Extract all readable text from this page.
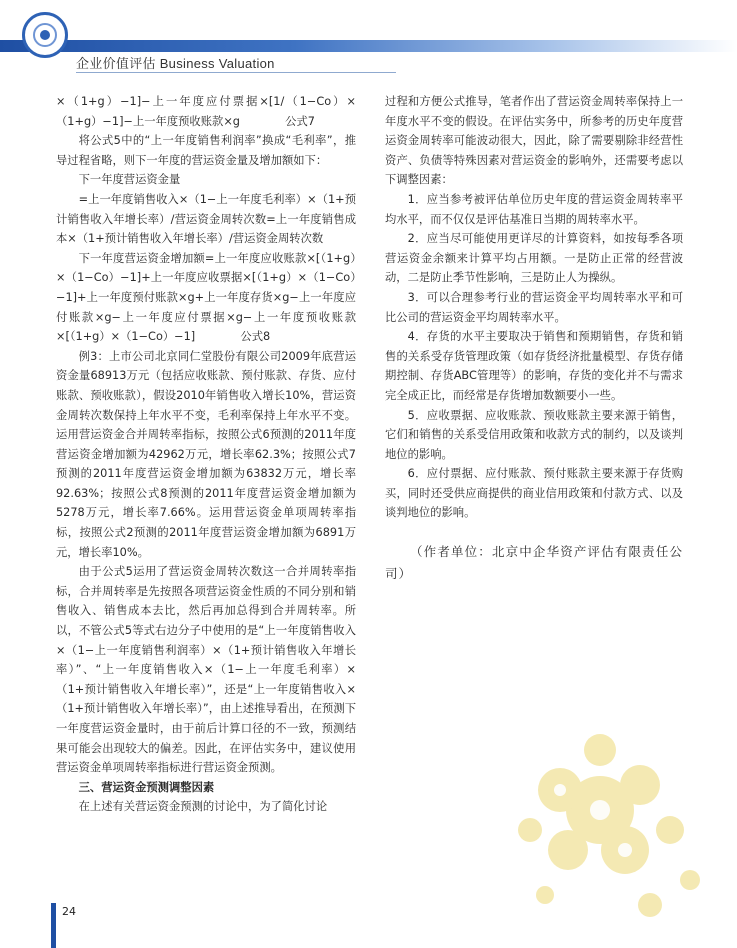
企业价值评估 Business Valuation

×（1+g）−1]−上一年度应付票据×[1/（1−Co）×（1+g）−1]−上一年度预收账款×g　　　　公式7

将公式5中的“上一年度销售利润率”换成“毛利率”，推导过程省略，则下一年度的营运资金量及增加额如下：

下一年度营运资金量

=上一年度销售收入×（1−上一年度毛利率）×（1+预计销售收入年增长率）/营运资金周转次数=上一年度销售成本×（1+预计销售收入年增长率）/营运资金周转次数

下一年度营运资金增加额=上一年度应收账款×[（1+g）×（1−Co）−1]+上一年度应收票据×[（1+g）×（1−Co）−1]+上一年度预付账款×g+上一年度存货×g−上一年度应付账款×g−上一年度应付票据×g−上一年度预收账款×[（1+g）×（1−Co）−1]　　　　公式8

例3：上市公司北京同仁堂股份有限公司2009年底营运资金量68913万元（包括应收账款、预付账款、存货、应付账款、预收账款），假设2010年销售收入增长10%，营运资金周转次数保持上年水平不变，毛利率保持上年水平不变。运用营运资金合并周转率指标，按照公式6预测的2011年度营运资金增加额为42962万元，增长率62.3%；按照公式7预测的2011年度营运资金增加额为63832万元，增长率92.63%；按照公式8预测的2011年度营运资金增加额为5278万元，增长率7.66%。运用营运资金单项周转率指标，按照公式2预测的2011年度营运资金增加额为6891万元，增长率10%。

由于公式5运用了营运资金周转次数这一合并周转率指标，合并周转率是先按照各项营运资金性质的不同分别和销售收入、销售成本去比，然后再加总得到合并周转率。所以，不管公式5等式右边分子中使用的是“上一年度销售收入×（1−上一年度销售利润率）×（1+预计销售收入年增长率）”、“上一年度销售收入×（1−上一年度毛利率）×（1+预计销售收入年增长率）”，还是“上一年度销售收入×（1+预计销售收入年增长率）”，由上述推导看出，在预测下一年度营运资金量时，由于前后计算口径的不一致，预测结果可能会出现较大的偏差。因此，在评估实务中，建议使用营运资金单项周转率指标进行营运资金预测。

三、营运资金预测调整因素

在上述有关营运资金预测的讨论中，为了简化讨论

过程和方便公式推导，笔者作出了营运资金周转率保持上一年度水平不变的假设。在评估实务中，所参考的历史年度营运资金周转率可能波动很大，因此，除了需要剔除非经营性资产、负债等特殊因素对营运资金的影响外，还需要考虑以下调整因素：

1．应当参考被评估单位历史年度的营运资金周转率平均水平，而不仅仅是评估基准日当期的周转率水平。

2．应当尽可能使用更详尽的计算资料，如按每季各项营运资金余额来计算平均占用额。一是防止正常的经营波动，二是防止季节性影响，三是防止人为操纵。

3．可以合理参考行业的营运资金平均周转率水平和可比公司的营运资金平均周转率水平。

4．存货的水平主要取决于销售和预期销售，存货和销售的关系受存货管理政策（如存货经济批量模型、存货存储期控制、存货ABC管理等）的影响，存货的变化并不与需求完全成正比，而经常是存货增加数额要小一些。

5．应收票据、应收账款、预收账款主要来源于销售，它们和销售的关系受信用政策和收款方式的制约，以及谈判地位的影响。

6．应付票据、应付账款、预付账款主要来源于存货购买，同时还受供应商提供的商业信用政策和付款方式、以及谈判地位的影响。

（作者单位：北京中企华资产评估有限责任公司）

24
